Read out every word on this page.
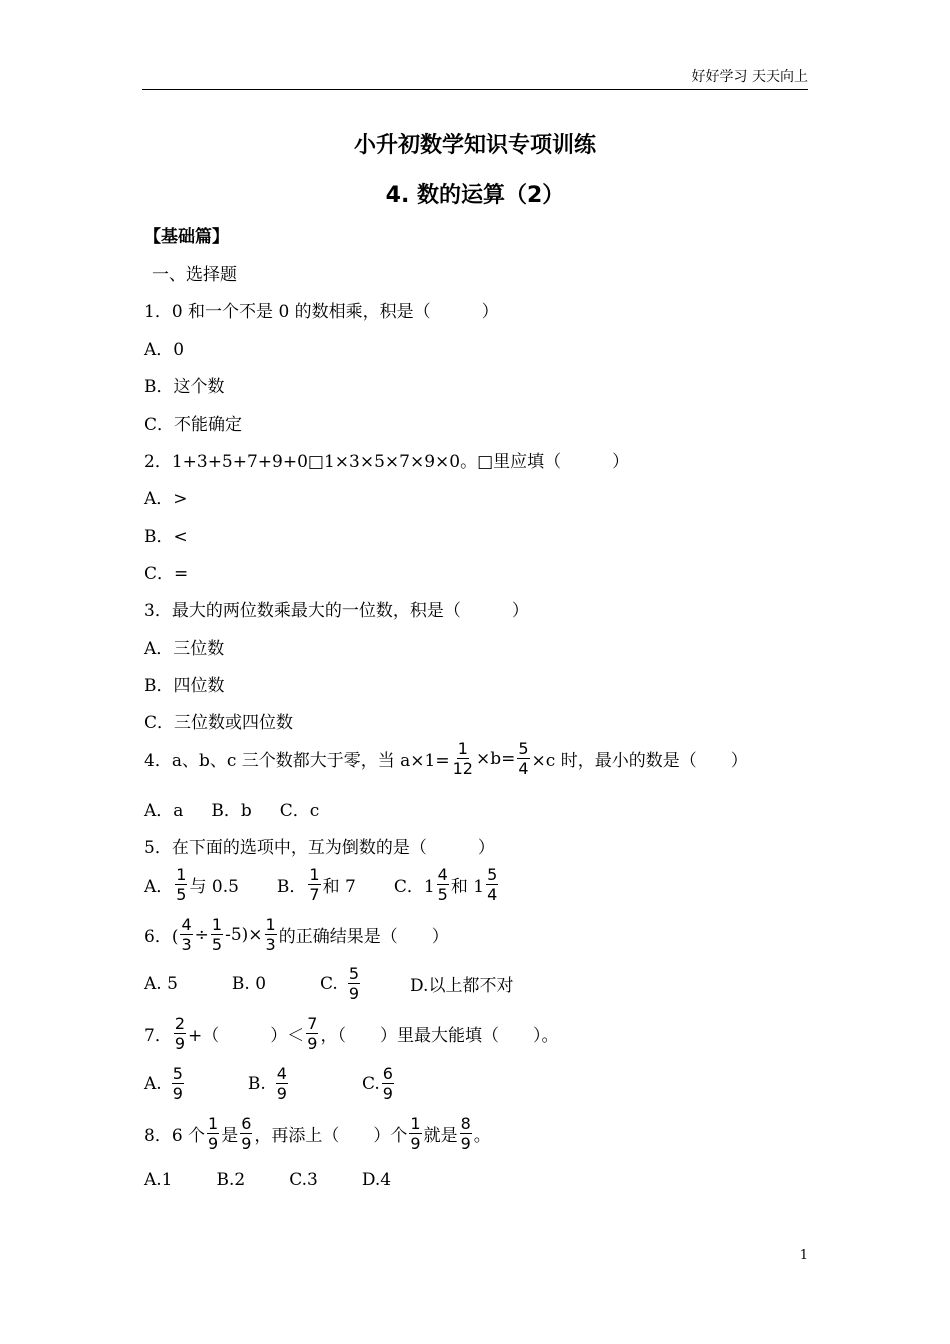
好好学习 天天向上
小升初数学知识专项训练
4. 数的运算（2）
【基础篇】
一、选择题
1．0 和一个不是 0 的数相乘，积是（　　　）
A．0
B．这个数
C．不能确定
2．1+3+5+7+9+0□1×3×5×7×9×0。□里应填（　　　）
A．>
B．<
C．=
3．最大的两位数乘最大的一位数，积是（　　　）
A．三位数
B．四位数
C．三位数或四位数
4．a、b、c 三个数都大于零，当 $a\times 1= \frac{1}{12} \times b= \frac{5}{4} \times c$ 时，最小的数是（　　）
A．a B．b C．c
5．在下面的选项中，互为倒数的是（　　　）
A． $\frac{1}{5}$ 与 0.5 B． $\frac{1}{7}$ 和 7 C．$1 \frac{4}{5}$ 和 $1 \frac{5}{4}$
6．( $\frac{4}{3} \div \frac{1}{5} -5)\times \frac{1}{3}$ 的正确结果是（　　）
A. 5	B. 0	C. $\frac{5}{9}$	D.以上都不对
7． $\frac{2}{9}$ +（　　　）＜ $\frac{7}{9}$ ，（　　）里最大能填（　　）。
A. $\frac{5}{9}$	B. $\frac{4}{9}$	C. $\frac{6}{9}$
8．6 个 $\frac{1}{9}$ 是 $\frac{6}{9}$ ，再添上（　　）个 $\frac{1}{9}$ 就是 $\frac{8}{9}$ 。
A.1	B.2	C.3	D.4
1
